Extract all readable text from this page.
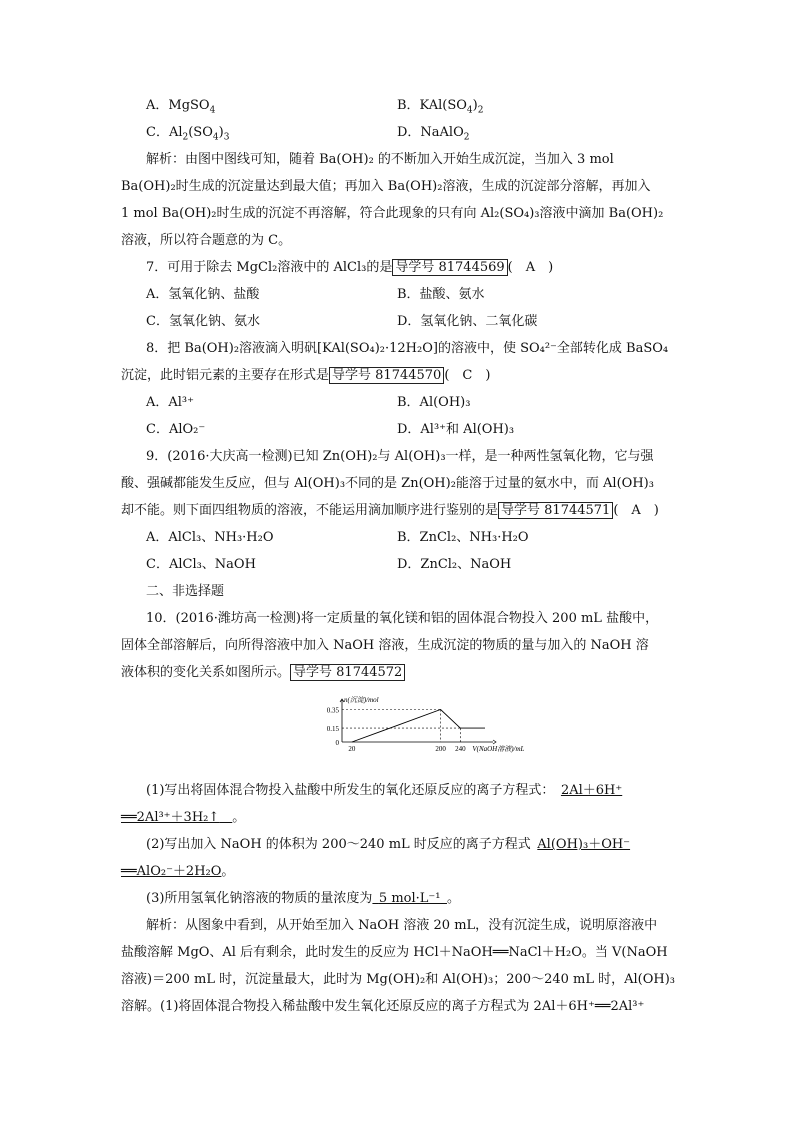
A．MgSO$_4$	B．$KAl(SO_4)_2$
C．$Al_2(SO_4)_3$	D．NaAlO$_2$
解析：由图中图线可知，随着 Ba(OH)₂ 的不断加入开始生成沉淀，当加入 3 mol
Ba(OH)₂时生成的沉淀量达到最大值；再加入 Ba(OH)₂溶液，生成的沉淀部分溶解，再加入
1 mol Ba(OH)₂时生成的沉淀不再溶解，符合此现象的只有向 Al₂(SO₄)₃溶液中滴加 Ba(OH)₂
溶液，所以符合题意的为 C。
7．可用于除去 MgCl₂溶液中的 AlCl₃的是 导学号 81744569 (　A　)
A．氢氧化钠、盐酸	B．盐酸、氨水
C．氢氧化钠、氨水	D．氢氧化钠、二氧化碳
8．把 Ba(OH)₂溶液滴入明矾[KAl(SO₄)₂·12H₂O]的溶液中，使 SO₄²⁻全部转化成 BaSO₄
沉淀，此时铝元素的主要存在形式是 导学号 81744570 (　C　)
A．Al³⁺	B．Al(OH)₃
C．AlO₂⁻	D．Al³⁺和 Al(OH)₃
9．(2016·大庆高一检测)已知 Zn(OH)₂与 Al(OH)₃一样，是一种两性氢氧化物，它与强
酸、强碱都能发生反应，但与 Al(OH)₃不同的是 Zn(OH)₂能溶于过量的氨水中，而 Al(OH)₃
却不能。则下面四组物质的溶液，不能运用滴加顺序进行鉴别的是 导学号 81744571 (　A　)
A．AlCl₃、NH₃·H₂O	B．ZnCl₂、NH₃·H₂O
C．AlCl₃、NaOH	D．ZnCl₂、NaOH
二、非选择题
10．(2016·潍坊高一检测)将一定质量的氧化镁和铝的固体混合物投入 200 mL 盐酸中，
固体全部溶解后，向所得溶液中加入 NaOH 溶液，生成沉淀的物质的量与加入的 NaOH 溶
液体积的变化关系如图所示。 导学号 81744572
0.35
0.15
0
20	200 240
n(沉淀)/mol
V(NaOH溶液)/mL
(1)写出将固体混合物投入盐酸中所发生的氧化还原反应的离子方程式：　 2Al＋6H⁺
══2Al³⁺＋3H₂↑   。
(2)写出加入 NaOH 的体积为 200～240 mL 时反应的离子方程式  Al(OH)₃＋OH⁻
══AlO₂⁻＋2H₂O。
(3)所用氢氧化钠溶液的物质的量浓度为  5 mol·L⁻¹  。
解析：从图象中看到，从开始至加入 NaOH 溶液 20 mL，没有沉淀生成，说明原溶液中
盐酸溶解 MgO、Al 后有剩余，此时发生的反应为 HCl＋NaOH══NaCl＋H₂O。当 V(NaOH
溶液)＝200 mL 时，沉淀量最大，此时为 Mg(OH)₂和 Al(OH)₃；200～240 mL 时，Al(OH)₃
溶解。(1)将固体混合物投入稀盐酸中发生氧化还原反应的离子方程式为 2Al＋6H⁺══2Al³⁺
